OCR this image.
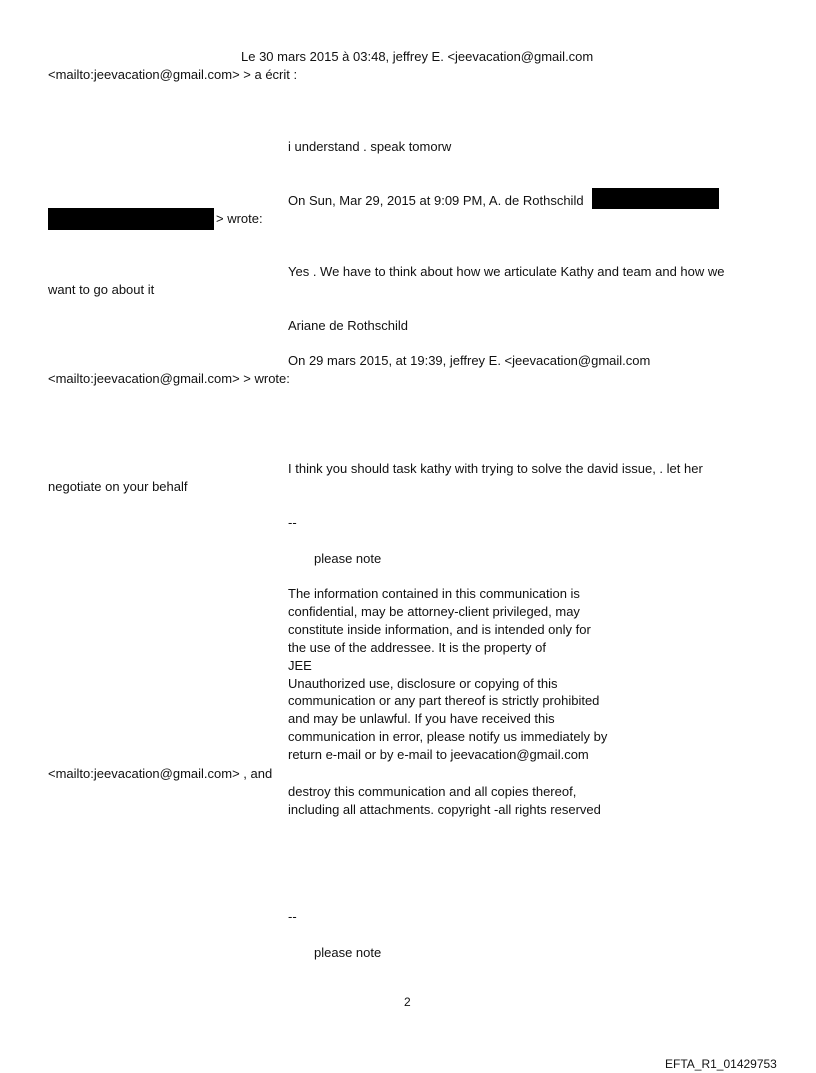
Le 30 mars 2015 à 03:48, jeffrey E. <jeevacation@gmail.com

<mailto:jeevacation@gmail.com> > a écrit :

i understand . speak tomorw

On Sun, Mar 29, 2015 at 9:09 PM, A. de Rothschild

> wrote:

Yes . We have to think about how we articulate Kathy and team and how we

want to go about it

Ariane de Rothschild

On 29 mars 2015, at 19:39, jeffrey E. <jeevacation@gmail.com

<mailto:jeevacation@gmail.com> > wrote:

I think you should task kathy with trying to solve the david issue, . let her

negotiate on your behalf

--

please note

The information contained in this communication is
confidential, may be attorney-client privileged, may
constitute inside information, and is intended only for
the use of the addressee. It is the property of
JEE
Unauthorized use, disclosure or copying of this
communication or any part thereof is strictly prohibited
and may be unlawful. If you have received this
communication in error, please notify us immediately by
return e-mail or by e-mail to jeevacation@gmail.com

<mailto:jeevacation@gmail.com> , and

destroy this communication and all copies thereof,
including all attachments. copyright -all rights reserved

--

please note

2

EFTA_R1_01429753
